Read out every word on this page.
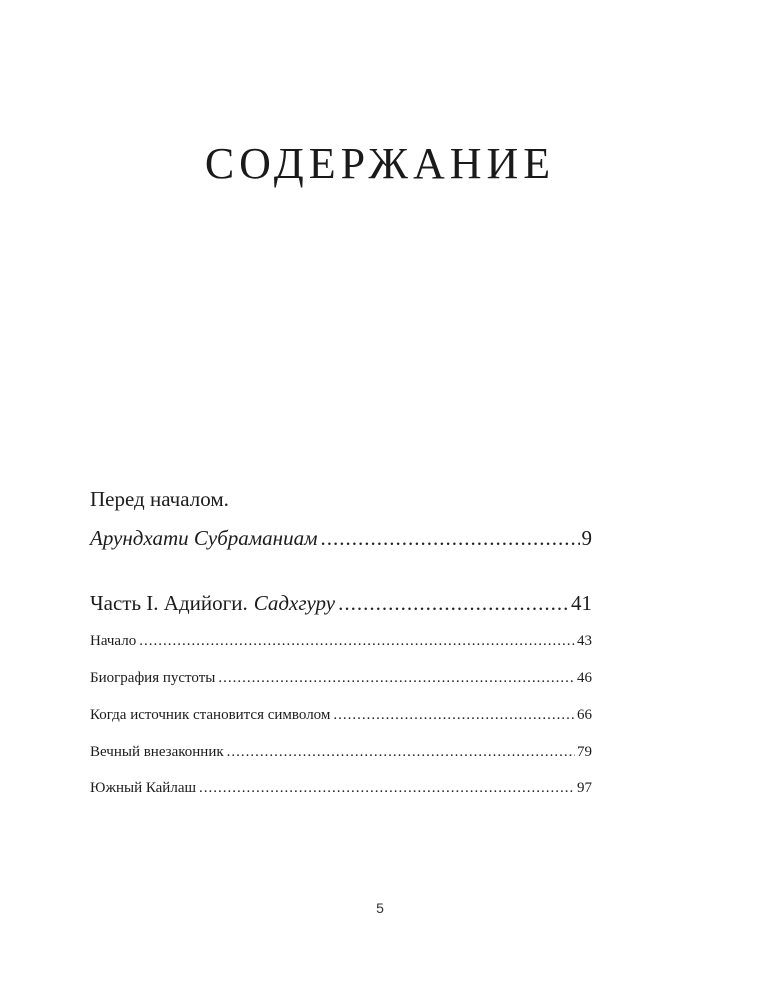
СОДЕРЖАНИЕ
Перед началом.
Арундхати Субраманиам .....	9
Часть I. Адийоги. Садхгуру .....	41
Начало .....	43
Биография пустоты .....	46
Когда источник становится символом .....	66
Вечный внезаконник .....	79
Южный Кайлаш .....	97
5
